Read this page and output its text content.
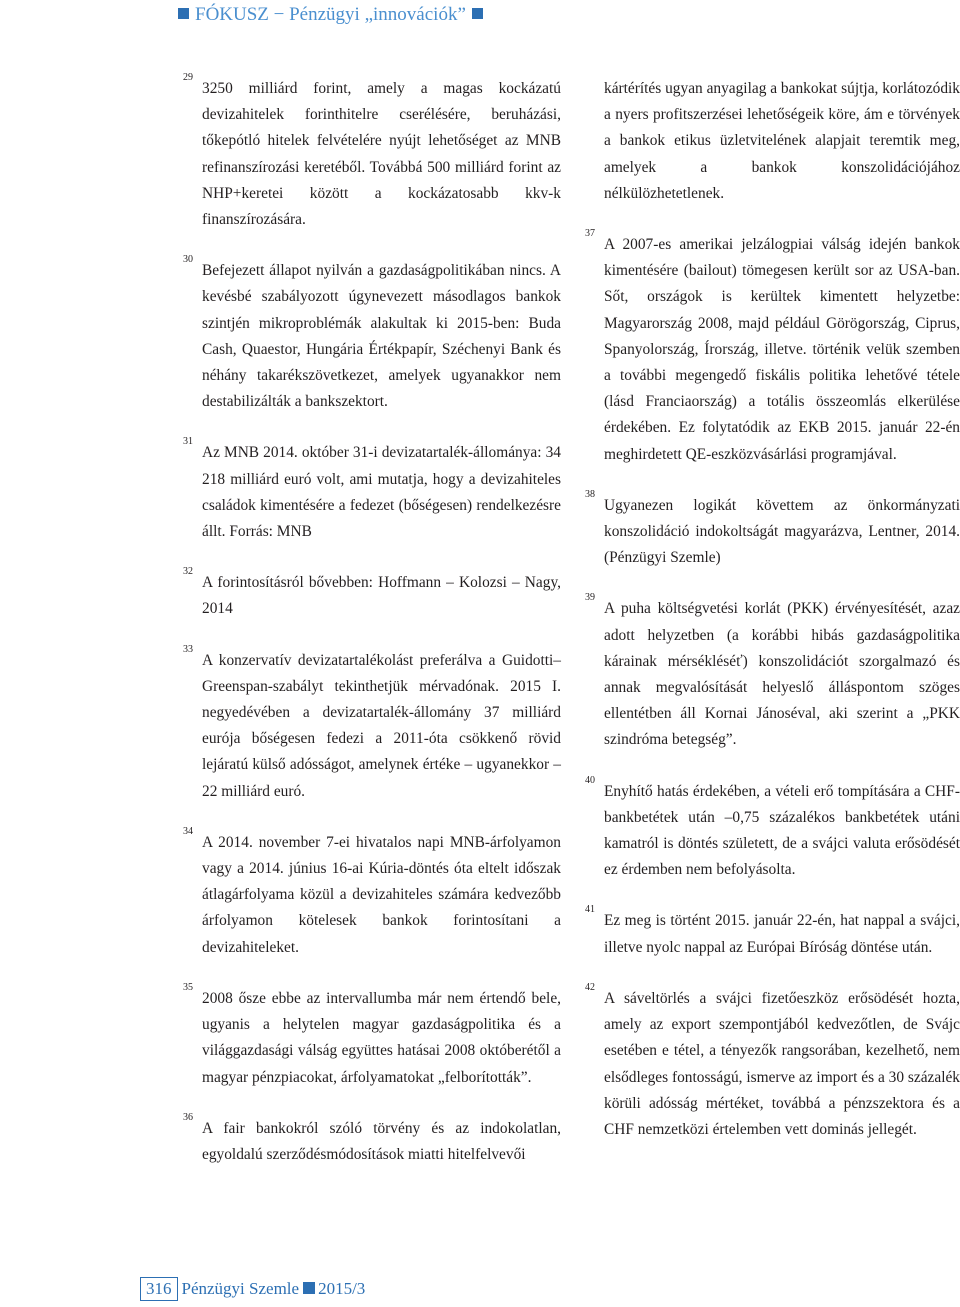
FÓKUSZ − Pénzügyi „innovációk”
29
3250 milliárd forint, amely a magas kockázatú devizahitelek forinthitelre cserélésére, beruházási, tőkepótló hitelek felvételére nyújt lehetőséget az MNB refinanszírozási keretéből. Továbbá 500 milliárd forint az NHP+keretei között a kockázatosabb kkv-k finanszírozására.
30
Befejezett állapot nyilván a gazdaságpolitikában nincs. A kevésbé szabályozott úgynevezett másodlagos bankok szintjén mikroproblémák alakultak ki 2015-ben: Buda Cash, Quaestor, Hungária Értékpapír, Széchenyi Bank és néhány takarékszövetkezet, amelyek ugyanakkor nem destabilizálták a bankszektort.
31
Az MNB 2014. október 31-i devizatartalék-állománya: 34 218 milliárd euró volt, ami mutatja, hogy a devizahiteles családok kimentésére a fedezet (bőségesen) rendelkezésre állt. Forrás: MNB
32
A forintosításról bővebben: Hoffmann – Kolozsi – Nagy, 2014
33
A konzervatív devizatartalékolást preferálva a Guidotti–Greenspan-szabályt tekinthetjük mérvadónak. 2015 I. negyedévében a devizatartalék-állomány 37 milliárd eurója bőségesen fedezi a 2011-óta csökkenő rövid lejáratú külső adósságot, amelynek értéke – ugyanekkor – 22 milliárd euró.
34
A 2014. november 7-ei hivatalos napi MNB-árfolyamon vagy a 2014. június 16-ai Kúria-döntés óta eltelt időszak átlagárfolyama közül a devizahiteles számára kedvezőbb árfolyamon kötelesek bankok forintosítani a devizahiteleket.
35
2008 ősze ebbe az intervallumba már nem értendő bele, ugyanis a helytelen magyar gazdaságpolitika és a világgazdasági válság együttes hatásai 2008 októberétől a magyar pénzpiacokat, árfolyamatokat „felborították”.
36
A fair bankokról szóló törvény és az indokolatlan, egyoldalú szerződésmódosítások miatti hitelfelvevői
kártérítés ugyan anyagilag a bankokat sújtja, korlátozódik a nyers profitszerzései lehetőségeik köre, ám e törvények a bankok etikus üzletvitelének alapjait teremtik meg, amelyek a bankok konszolidációjához nélkülözhetetlenek.
37
A 2007-es amerikai jelzálogpiai válság idején bankok kimentésére (bailout) tömegesen került sor az USA-ban. Sőt, országok is kerültek kimentett helyzetbe: Magyarország 2008, majd például Görögország, Ciprus, Spanyolország, Írország, illetve. történik velük szemben a további megengedő fiskális politika lehetővé tétele (lásd Franciaország) a totális összeomlás elkerülése érdekében. Ez folytatódik az EKB 2015. január 22-én meghirdetett QE-eszközvásárlási programjával.
38
Ugyanezen logikát követtem az önkormányzati konszolidáció indokoltságát magyarázva, Lentner, 2014. (Pénzügyi Szemle)
39
A puha költségvetési korlát (PKK) érvényesítését, azaz adott helyzetben (a korábbi hibás gazdaságpolitika kárainak mérsékléséť) konszolidációt szorgalmazó és annak megvalósítását helyeslő álláspontom szöges ellentétben áll Kornai Jánoséval, aki szerint a „PKK szindróma betegség”.
40
Enyhítő hatás érdekében, a vételi erő tompítására a CHF-bankbetétek után –0,75 százalékos bankbetétek utáni kamatról is döntés született, de a svájci valuta erősödését ez érdemben nem befolyásolta.
41
Ez meg is történt 2015. január 22-én, hat nappal a svájci, illetve nyolc nappal az Európai Bíróság döntése után.
42
A sáveltörlés a svájci fizetőeszköz erősödését hozta, amely az export szempontjából kedvezőtlen, de Svájc esetében e tétel, a tényezők rangsorában, kezelhető, nem elsődleges fontosságú, ismerve az import és a 30 százalék körüli adósság mértéket, továbbá a pénzszektora és a CHF nemzetközi értelemben vett dominás jellegét.
316 Pénzügyi Szemle 2015/3
